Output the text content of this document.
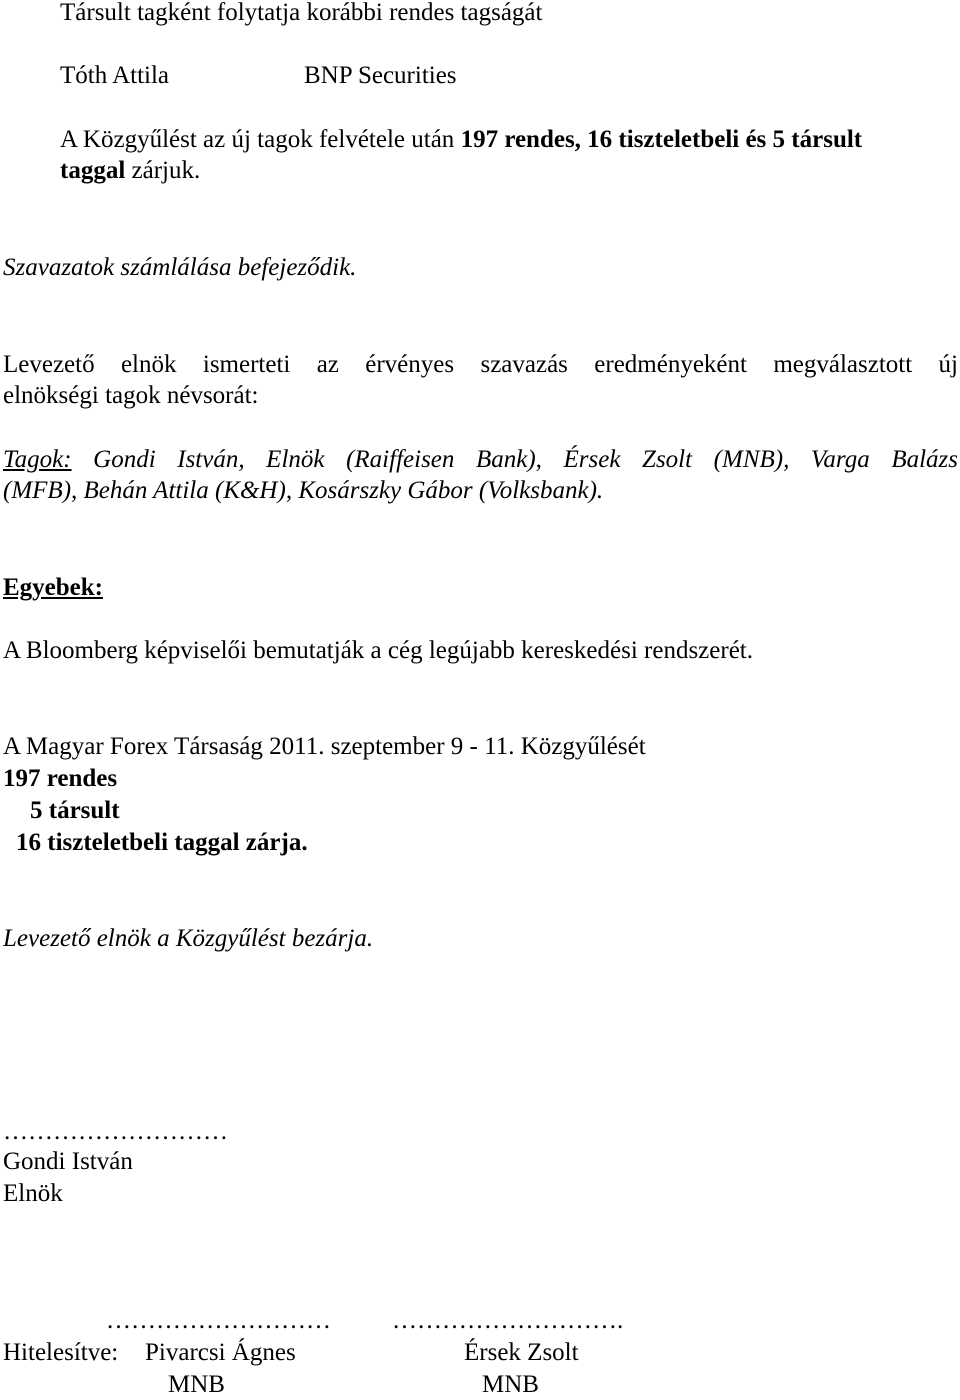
Társult tagként folytatja korábbi rendes tagságát
Tóth Attila	BNP Securities
A Közgyűlést az új tagok felvétele után 197 rendes, 16 tiszteletbeli és 5 társult
taggal zárjuk.
Szavazatok számlálása befejeződik.
Levezető elnök ismerteti az érvényes szavazás eredményeként megválasztott új
elnökségi tagok névsorát:
Tagok: Gondi István, Elnök (Raiffeisen Bank), Érsek Zsolt (MNB), Varga Balázs
(MFB), Behán Attila (K&H), Kosárszky Gábor (Volksbank).
Egyebek:
A Bloomberg képviselői bemutatják a cég legújabb kereskedési rendszerét.
A Magyar Forex Társaság 2011. szeptember 9 - 11. Közgyűlését
197 rendes
5 társult
16 tiszteletbeli taggal zárja.
Levezető elnök a Közgyűlést bezárja.
………………………
Gondi István
Elnök
……………………… ……………………….
Hitelesítve: Pivarcsi Ágnes	Érsek Zsolt
MNB	MNB
